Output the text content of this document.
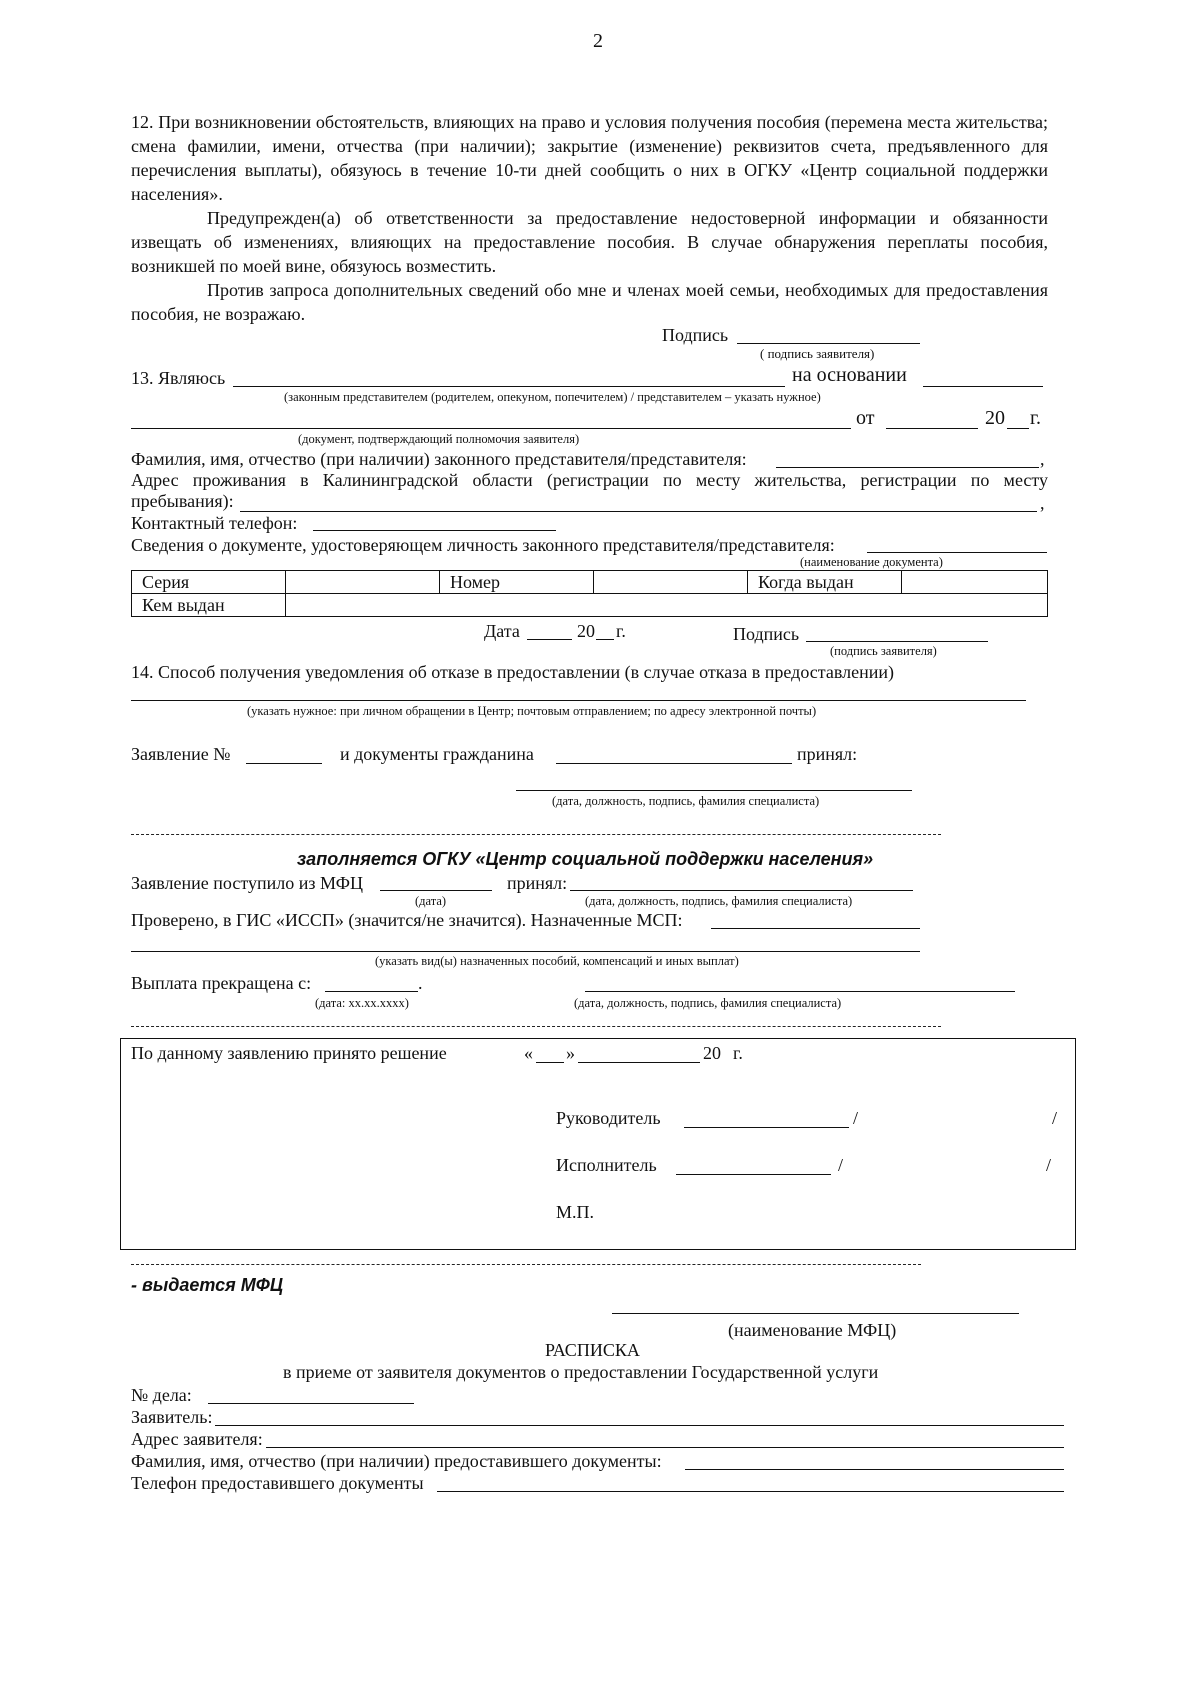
2

12. При возникновении обстоятельств, влияющих на право и условия получения пособия (перемена места жительства; смена фамилии, имени, отчества (при наличии); закрытие (изменение) реквизитов счета, предъявленного для перечисления выплаты), обязуюсь в течение 10-ти дней сообщить о них в ОГКУ «Центр социальной поддержки населения».

Предупрежден(а) об ответственности за предоставление недостоверной информации и обязанности извещать об изменениях, влияющих на предоставление пособия. В случае обнаружения переплаты пособия, возникшей по моей вине, обязуюсь возместить.

Против запроса дополнительных сведений обо мне и членах моей семьи, необходимых для предоставления пособия, не возражаю.

Подпись
( подпись заявителя)
13. Являюсь	на основании
(законным представителем (родителем, опекуном, попечителем) / представителем – указать нужное)
от	20 г.
(документ, подтверждающий полномочия заявителя)
Фамилия, имя, отчество (при наличии) законного представителя/представителя:	,
Адрес проживания в Калининградской области (регистрации по месту жительства, регистрации по месту пребывания):	,
Контактный телефон:
Сведения о документе, удостоверяющем личность законного представителя/представителя:
(наименование документа)
Серия		Номер		Когда выдан	
Кем выдан					
Дата	20 г.	Подпись
(подпись заявителя)
14. Способ получения уведомления об отказе в предоставлении (в случае отказа в предоставлении)
(указать нужное: при личном обращении в Центр; почтовым отправлением; по адресу электронной почты)
Заявление №	и документы гражданина	принял:
(дата, должность, подпись, фамилия специалиста)
заполняется ОГКУ «Центр социальной поддержки населения»
Заявление поступило из МФЦ	принял:
(дата)	(дата, должность, подпись, фамилия специалиста)
Проверено, в ГИС «ИССП» (значится/не значится). Назначенные МСП:
(указать вид(ы) назначенных пособий, компенсаций и иных выплат)
Выплата прекращена с:	.
(дата: хх.хх.хххх)	(дата, должность, подпись, фамилия специалиста)
По данному заявлению принято решение	« »	20 г.
Руководитель	/	/
Исполнитель	/	/
М.П.
- выдается МФЦ
(наименование МФЦ)
РАСПИСКА
в приеме от заявителя документов о предоставлении Государственной услуги
№ дела:
Заявитель:
Адрес заявителя:
Фамилия, имя, отчество (при наличии) предоставившего документы:
Телефон предоставившего документы
